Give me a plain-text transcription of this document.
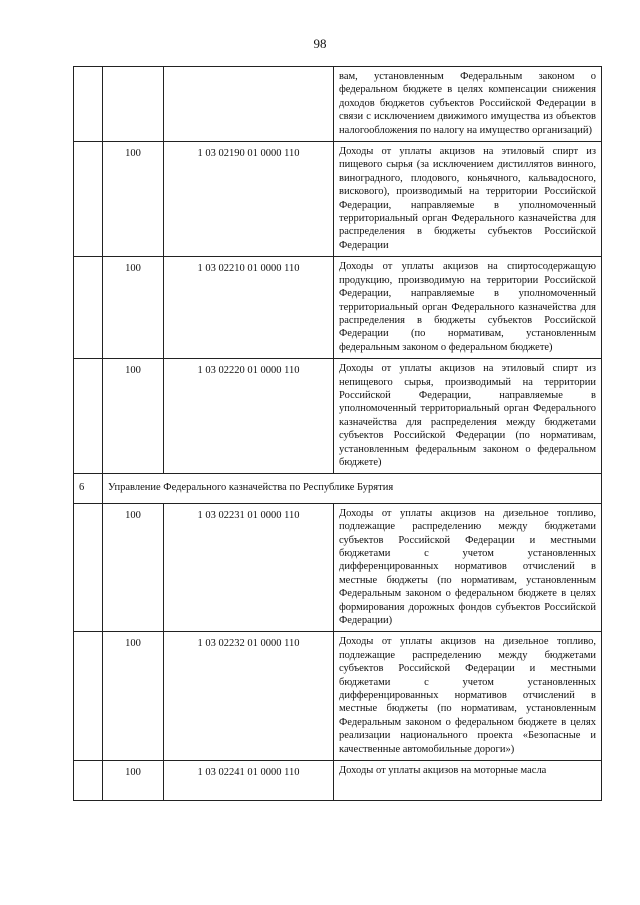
98
			вам, установленным Федеральным законом о федеральном бюджете в целях компенсации снижения доходов бюджетов субъектов Российской Федерации в связи с исключением движимого имущества из объектов налогообложения по налогу на имущество организаций)
	100	1 03 02190 01 0000 110	Доходы от уплаты акцизов на этиловый спирт из пищевого сырья (за исключением дистиллятов винного, виноградного, плодового, коньячного, кальвадосного, вискового), производимый на территории Российской Федерации, направляемые в уполномоченный территориальный орган Федерального казначейства для распределения в бюджеты субъектов Российской Федерации
	100	1 03 02210 01 0000 110	Доходы от уплаты акцизов на спиртосодержащую продукцию, производимую на территории Российской Федерации, направляемые в уполномоченный территориальный орган Федерального казначейства для распределения в бюджеты субъектов Российской Федерации (по нормативам, установленным федеральным законом о федеральном бюджете)
	100	1 03 02220 01 0000 110	Доходы от уплаты акцизов на этиловый спирт из непищевого сырья, производимый на территории Российской Федерации, направляемые в уполномоченный территориальный орган Федерального казначейства для распределения между бюджетами субъектов Российской Федерации (по нормативам, установленным федеральным законом о федеральном бюджете)
6	Управление Федерального казначейства по Республике Бурятия		
	100	1 03 02231 01 0000 110	Доходы от уплаты акцизов на дизельное топливо, подлежащие распределению между бюджетами субъектов Российской Федерации и местными бюджетами с учетом установленных дифференцированных нормативов отчислений в местные бюджеты (по нормативам, установленным Федеральным законом о федеральном бюджете в целях формирования дорожных фондов субъектов Российской Федерации)
	100	1 03 02232 01 0000 110	Доходы от уплаты акцизов на дизельное топливо, подлежащие распределению между бюджетами субъектов Российской Федерации и местными бюджетами с учетом установленных дифференцированных нормативов отчислений в местные бюджеты (по нормативам, установленным Федеральным законом о федеральном бюджете в целях реализации национального проекта «Безопасные и качественные автомобильные дороги»)
	100	1 03 02241 01 0000 110	Доходы от уплаты акцизов на моторные масла
